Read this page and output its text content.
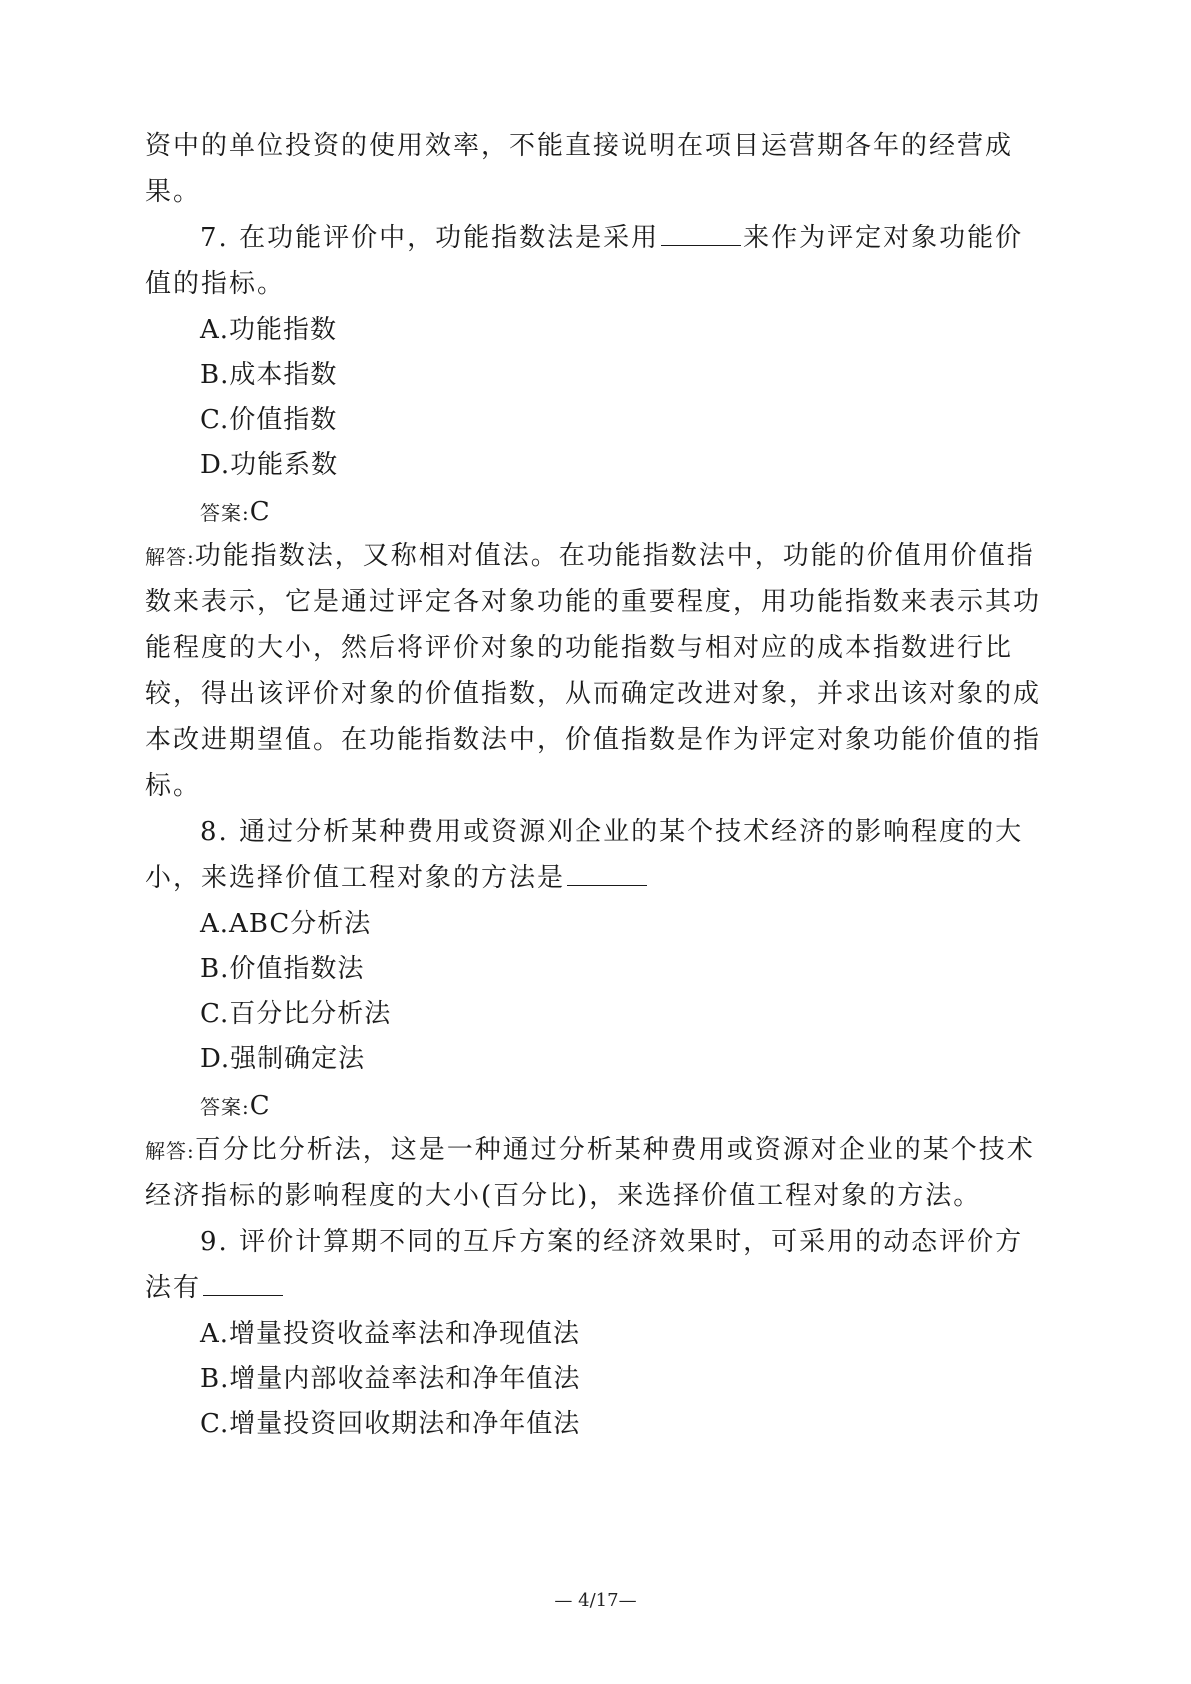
资中的单位投资的使用效率，不能直接说明在项目运营期各年的经营成
果。
7. 在功能评价中，功能指数法是采用	来作为评定对象功能价
值的指标。
A.功能指数
B.成本指数
C.价值指数
D.功能系数
答案:C
解答:功能指数法，又称相对值法。在功能指数法中，功能的价值用价值指
数来表示，它是通过评定各对象功能的重要程度，用功能指数来表示其功
能程度的大小，然后将评价对象的功能指数与相对应的成本指数进行比
较，得出该评价对象的价值指数，从而确定改进对象，并求出该对象的成
本改进期望值。在功能指数法中，价值指数是作为评定对象功能价值的指
标。
8. 通过分析某种费用或资源刈企业的某个技术经济的影响程度的大
小，来选择价值工程对象的方法是
A.ABC分析法
B.价值指数法
C.百分比分析法
D.强制确定法
答案:C
解答:百分比分析法，这是一种通过分析某种费用或资源对企业的某个技术
经济指标的影响程度的大小(百分比)，来选择价值工程对象的方法。
9. 评价计算期不同的互斥方案的经济效果时，可采用的动态评价方
法有
A.增量投资收益率法和净现值法
B.增量内部收益率法和净年值法
C.增量投资回收期法和净年值法
— 4/17—
